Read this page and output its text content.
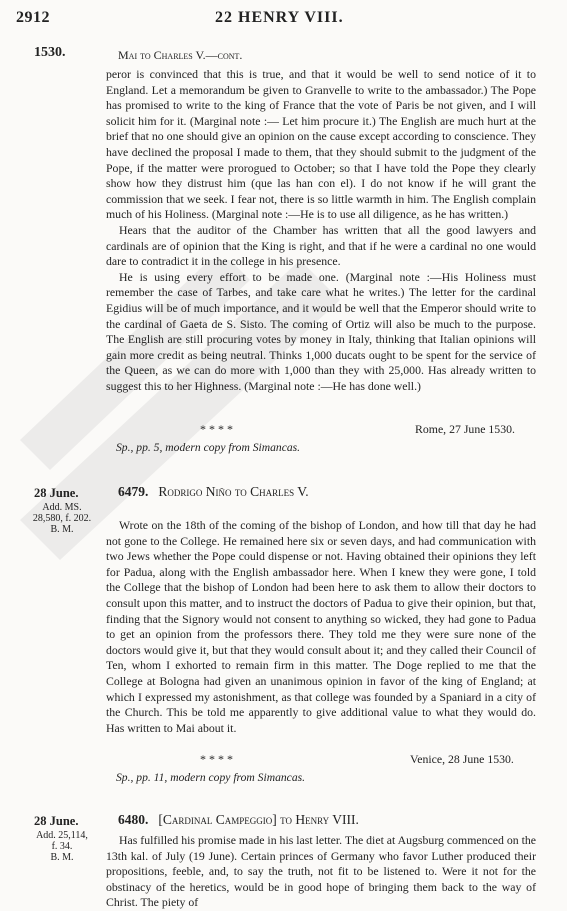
2912	22 HENRY VIII.
1530.	Mai to Charles V.—cont.

peror is convinced that this is true, and that it would be well to send notice of it to England. Let a memorandum be given to Granvelle to write to the ambassador.) The Pope has promised to write to the king of France that the vote of Paris be not given, and I will solicit him for it. (Marginal note :— Let him procure it.) The English are much hurt at the brief that no one should give an opinion on the cause except according to conscience. They have declined the proposal I made to them, that they should submit to the judgment of the Pope, if the matter were prorogued to October; so that I have told the Pope they clearly show how they distrust him (que las han con el). I do not know if he will grant the commission that we seek. I fear not, there is so little warmth in him. The English complain much of his Holiness. (Marginal note :—He is to use all diligence, as he has written.)

Hears that the auditor of the Chamber has written that all the good lawyers and cardinals are of opinion that the King is right, and that if he were a cardinal no one would dare to contradict it in the college in his presence.

He is using every effort to be made one. (Marginal note :—His Holiness must remember the case of Tarbes, and take care what he writes.) The letter for the cardinal Egidius will be of much importance, and it would be well that the Emperor should write to the cardinal of Gaeta de S. Sisto. The coming of Ortiz will also be much to the purpose. The English are still procuring votes by money in Italy, thinking that Italian opinions will gain more credit as being neutral. Thinks 1,000 ducats ought to be spent for the service of the Queen, as we can do more with 1,000 than they with 25,000. Has already written to suggest this to her Highness. (Marginal note :—He has done well.)

* * * *	Rome, 27 June 1530.
Sp., pp. 5, modern copy from Simancas.
28 June.
Add. MS.
28,580, f. 202.
B. M.
6479. Rodrigo Niño to Charles V.

Wrote on the 18th of the coming of the bishop of London, and how till that day he had not gone to the College. He remained here six or seven days, and had communication with two Jews whether the Pope could dispense or not. Having obtained their opinions they left for Padua, along with the English ambassador here. When I knew they were gone, I told the College that the bishop of London had been here to ask them to allow their doctors to consult upon this matter, and to instruct the doctors of Padua to give their opinion, but that, finding that the Signory would not consent to anything so wicked, they had gone to Padua to get an opinion from the professors there. They told me they were sure none of the doctors would give it, but that they would consult about it; and they called their Council of Ten, whom I exhorted to remain firm in this matter. The Doge replied to me that the College at Bologna had given an unanimous opinion in favor of the king of England; at which I expressed my astonishment, as that college was founded by a Spaniard in a city of the Church. This be told me apparently to give additional value to what they would do. Has written to Mai about it.

* * * *	Venice, 28 June 1530.
Sp., pp. 11, modern copy from Simancas.
28 June.
Add. 25,114,
f. 34.
B. M.
6480. [Cardinal Campeggio] to Henry VIII.

Has fulfilled his promise made in his last letter. The diet at Augsburg commenced on the 13th kal. of July (19 June). Certain princes of Germany who favor Luther produced their propositions, feeble, and, to say the truth, not fit to be listened to. Were it not for the obstinacy of the heretics, would be in good hope of bringing them back to the way of Christ. The piety of
